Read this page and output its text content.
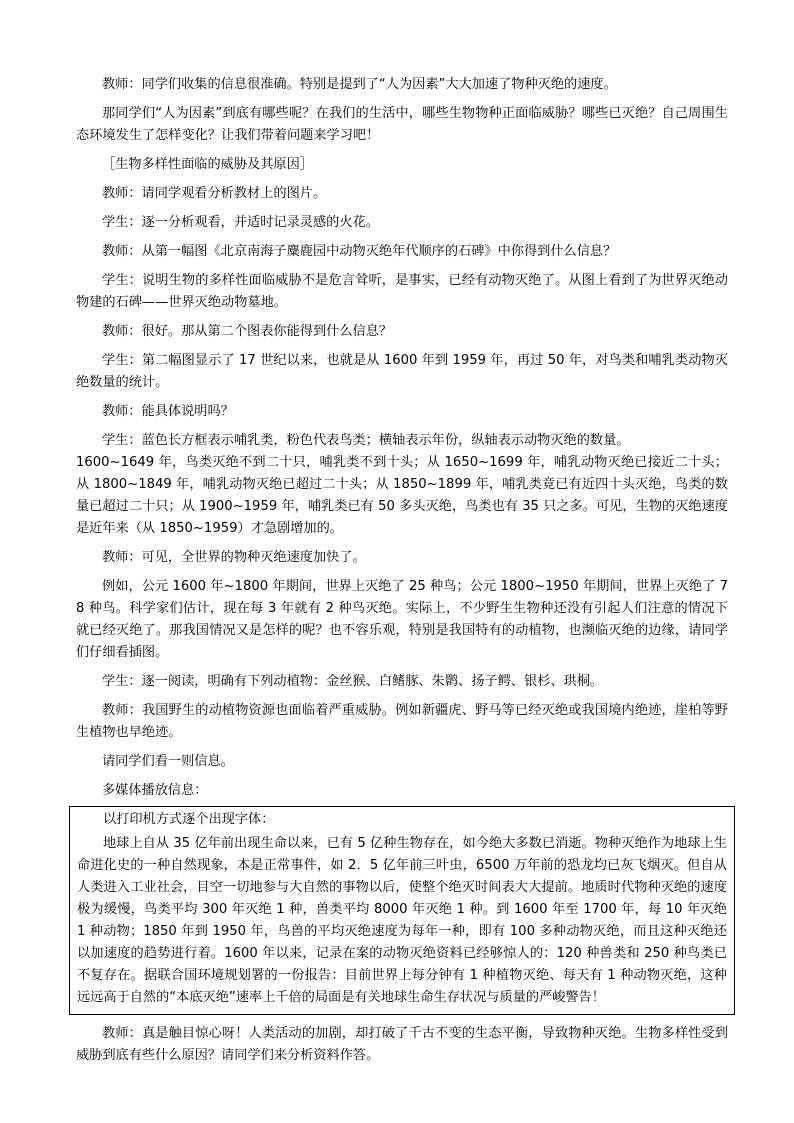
教师：同学们收集的信息很准确。特别是提到了“人为因素”大大加速了物种灭绝的速度。

那同学们“人为因素”到底有哪些呢？在我们的生活中，哪些生物物种正面临威胁？哪些已灭绝？自己周围生态环境发生了怎样变化？让我们带着问题来学习吧！

［生物多样性面临的威胁及其原因］

教师：请同学观看分析教材上的图片。

学生：逐一分析观看，并适时记录灵感的火花。

教师：从第一幅图《北京南海子麋鹿园中动物灭绝年代顺序的石碑》中你得到什么信息？

学生：说明生物的多样性面临威胁不是危言耸听，是事实，已经有动物灭绝了。从图上看到了为世界灭绝动物建的石碑——世界灭绝动物墓地。

教师：很好。那从第二个图表你能得到什么信息？

学生：第二幅图显示了 17 世纪以来，也就是从 1600 年到 1959 年，再过 50 年，对鸟类和哺乳类动物灭绝数量的统计。

教师：能具体说明吗？

学生：蓝色长方框表示哺乳类，粉色代表鸟类；横轴表示年份，纵轴表示动物灭绝的数量。

1600~1649 年，鸟类灭绝不到二十只，哺乳类不到十头；从 1650~1699 年，哺乳动物灭绝已接近二十头；从 1800~1849 年，哺乳动物灭绝已超过二十头；从 1850~1899 年，哺乳类竟已有近四十头灭绝，鸟类的数量已超过二十只；从 1900~1959 年，哺乳类已有 50 多头灭绝，鸟类也有 35 只之多。可见，生物的灭绝速度是近年来（从 1850~1959）才急剧增加的。

教师：可见，全世界的物种灭绝速度加快了。

例如，公元 1600 年~1800 年期间，世界上灭绝了 25 种鸟；公元 1800~1950 年期间，世界上灭绝了 78 种鸟。科学家们估计，现在每 3 年就有 2 种鸟灭绝。实际上，不少野生生物种还没有引起人们注意的情况下就已经灭绝了。那我国情况又是怎样的呢？也不容乐观，特别是我国特有的动植物，也濒临灭绝的边缘，请同学们仔细看插图。

学生：逐一阅读，明确有下列动植物：金丝猴、白鳍豚、朱鹮、扬子鳄、银杉、珙桐。

教师：我国野生的动植物资源也面临着严重威胁。例如新疆虎、野马等已经灭绝或我国境内绝迹，崖柏等野生植物也早绝迹。

请同学们看一则信息。

多媒体播放信息：

以打印机方式逐个出现字体：

地球上自从 35 亿年前出现生命以来，已有 5 亿种生物存在，如今绝大多数已消逝。物种灭绝作为地球上生命进化史的一种自然现象，本是正常事件，如 2．5 亿年前三叶虫，6500 万年前的恐龙均已灰飞烟灭。但自从人类进入工业社会，目空一切地参与大自然的事物以后，使整个绝灭时间表大大提前。地质时代物种灭绝的速度极为缓慢，鸟类平均 300 年灭绝 1 种，兽类平均 8000 年灭绝 1 种。到 1600 年至 1700 年，每 10 年灭绝 1 种动物；1850 年到 1950 年，鸟兽的平均灭绝速度为每年一种，即有 100 多种动物灭绝，而且这种灭绝还以加速度的趋势进行着。1600 年以来，记录在案的动物灭绝资料已经够惊人的：120 种兽类和 250 种鸟类已不复存在。据联合国环境规划署的一份报告：目前世界上每分钟有 1 种植物灭绝、每天有 1 种动物灭绝，这种远远高于自然的“本底灭绝”速率上千倍的局面是有关地球生命生存状况与质量的严峻警告！

教师：真是触目惊心呀！人类活动的加剧，却打破了千古不变的生态平衡，导致物种灭绝。生物多样性受到威胁到底有些什么原因？请同学们来分析资料作答。
